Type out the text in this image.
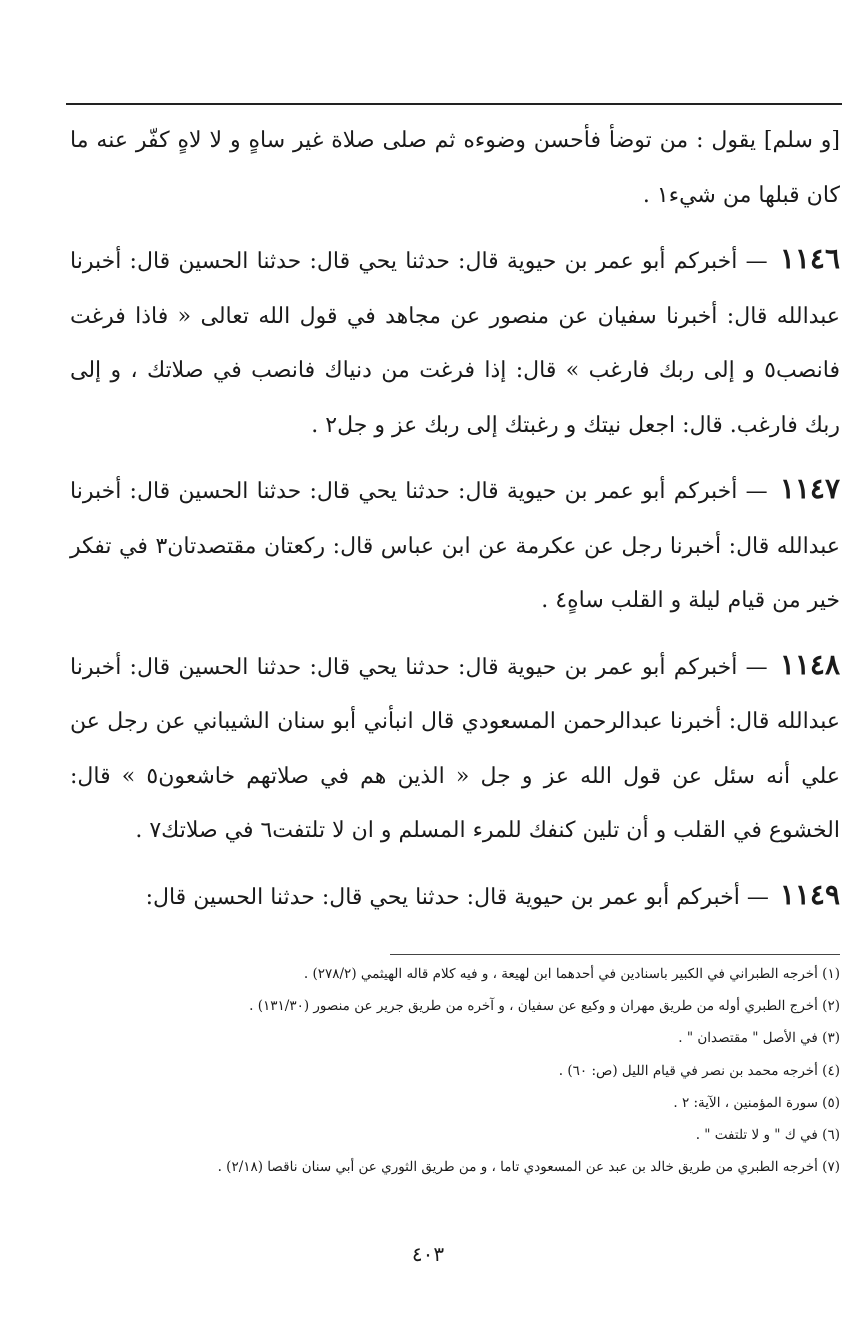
[و سلم] يقول : من توضأ فأحسن وضوءه ثم صلى صلاة غير ساهٍ و لا لاهٍ كفّر عنه ما كان قبلها من شيء١ .

١١٤٦ — أخبركم أبو عمر بن حيوية قال: حدثنا يحي قال: حدثنا الحسين قال: أخبرنا عبدالله قال: أخبرنا سفيان عن منصور عن مجاهد في قول الله تعالى « فاذا فرغت فانصب٥ و إلى ربك فارغب » قال: إذا فرغت من دنياك فانصب في صلاتك ، و إلى ربك فارغب. قال: اجعل نيتك و رغبتك إلى ربك عز و جل٢ .

١١٤٧ — أخبركم أبو عمر بن حيوية قال: حدثنا يحي قال: حدثنا الحسين قال: أخبرنا عبدالله قال: أخبرنا رجل عن عكرمة عن ابن عباس قال: ركعتان مقتصدتان٣ في تفكر خير من قيام ليلة و القلب ساهٍ٤ .

١١٤٨ — أخبركم أبو عمر بن حيوية قال: حدثنا يحي قال: حدثنا الحسين قال: أخبرنا عبدالله قال: أخبرنا عبدالرحمن المسعودي قال انبأني أبو سنان الشيباني عن رجل عن علي أنه سئل عن قول الله عز و جل « الذين هم في صلاتهم خاشعون٥ » قال: الخشوع في القلب و أن تلين كنفك للمرء المسلم و ان لا تلتفت٦ في صلاتك٧ .

١١٤٩ — أخبركم أبو عمر بن حيوية قال: حدثنا يحي قال: حدثنا الحسين قال:

(١) أخرجه الطبراني في الكبير باسنادين في أحدهما ابن لهيعة ، و فيه كلام قاله الهيثمي (٢٧٨/٢) .

(٢) أخرج الطبري أوله من طريق مهران و وكيع عن سفيان ، و آخره من طريق جرير عن منصور (١٣١/٣٠) .

(٣) في الأصل " مقتصدان " .

(٤) أخرجه محمد بن نصر في قيام الليل (ص: ٦٠) .

(٥) سورة المؤمنين ، الآية: ٢ .

(٦) في ك " و لا تلتفت " .

(٧) أخرجه الطبري من طريق خالد بن عبد عن المسعودي تاما ، و من طريق الثوري عن أبي سنان ناقصا (٢/١٨) .

٤٠٣
